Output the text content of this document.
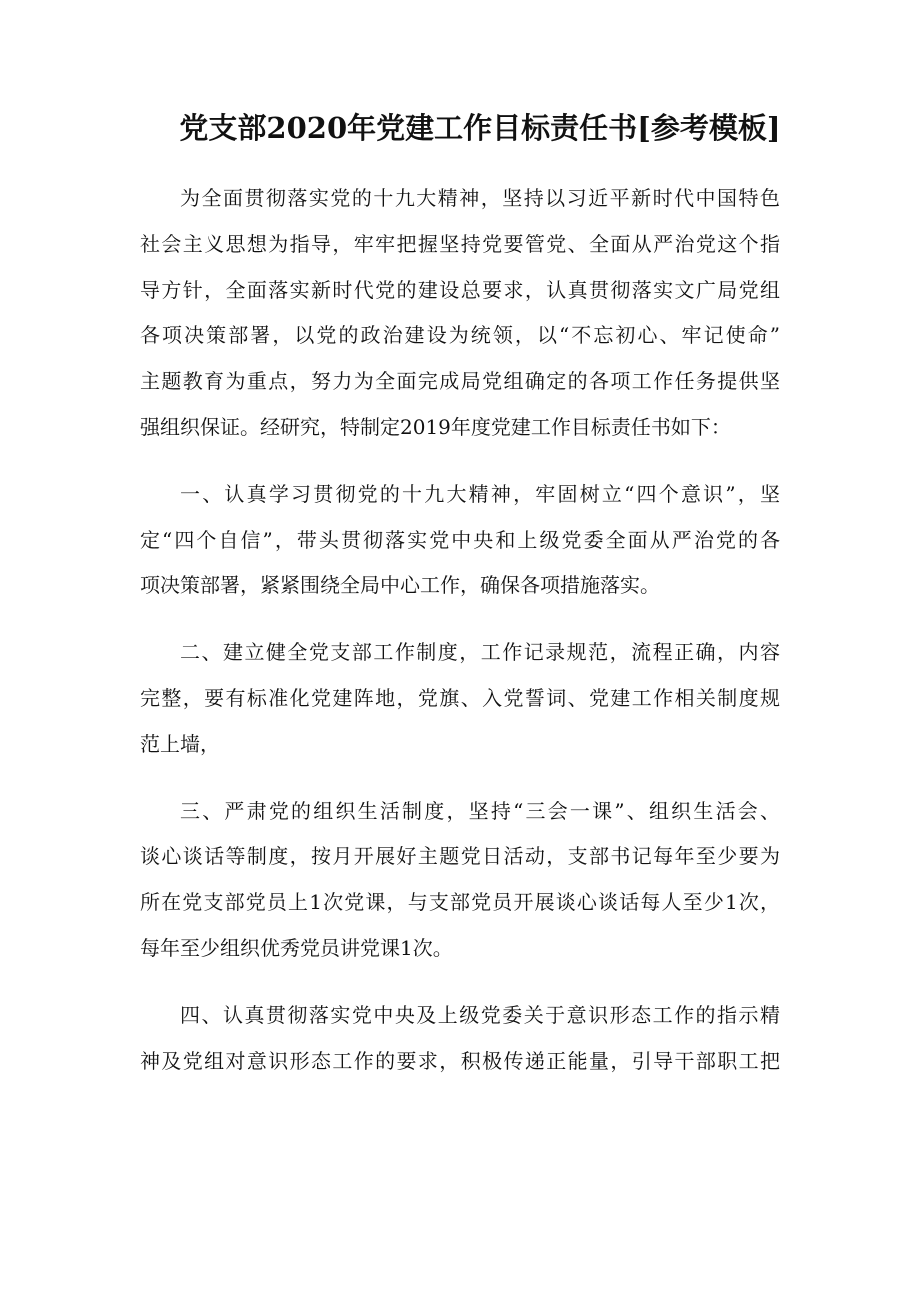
党支部2020年党建工作目标责任书[参考模板]

为全面贯彻落实党的十九大精神，坚持以习近平新时代中国特色
社会主义思想为指导，牢牢把握坚持党要管党、全面从严治党这个指
导方针，全面落实新时代党的建设总要求，认真贯彻落实文广局党组
各项决策部署，以党的政治建设为统领，以“不忘初心、牢记使命”
主题教育为重点，努力为全面完成局党组确定的各项工作任务提供坚
强组织保证。经研究，特制定2019年度党建工作目标责任书如下：

一、认真学习贯彻党的十九大精神，牢固树立“四个意识”，坚
定“四个自信”，带头贯彻落实党中央和上级党委全面从严治党的各
项决策部署，紧紧围绕全局中心工作，确保各项措施落实。

二、建立健全党支部工作制度，工作记录规范，流程正确，内容
完整，要有标准化党建阵地，党旗、入党誓词、党建工作相关制度规
范上墙，

三、严肃党的组织生活制度，坚持“三会一课”、组织生活会、
谈心谈话等制度，按月开展好主题党日活动，支部书记每年至少要为
所在党支部党员上1次党课，与支部党员开展谈心谈话每人至少1次，
每年至少组织优秀党员讲党课1次。

四、认真贯彻落实党中央及上级党委关于意识形态工作的指示精
神及党组对意识形态工作的要求，积极传递正能量，引导干部职工把
